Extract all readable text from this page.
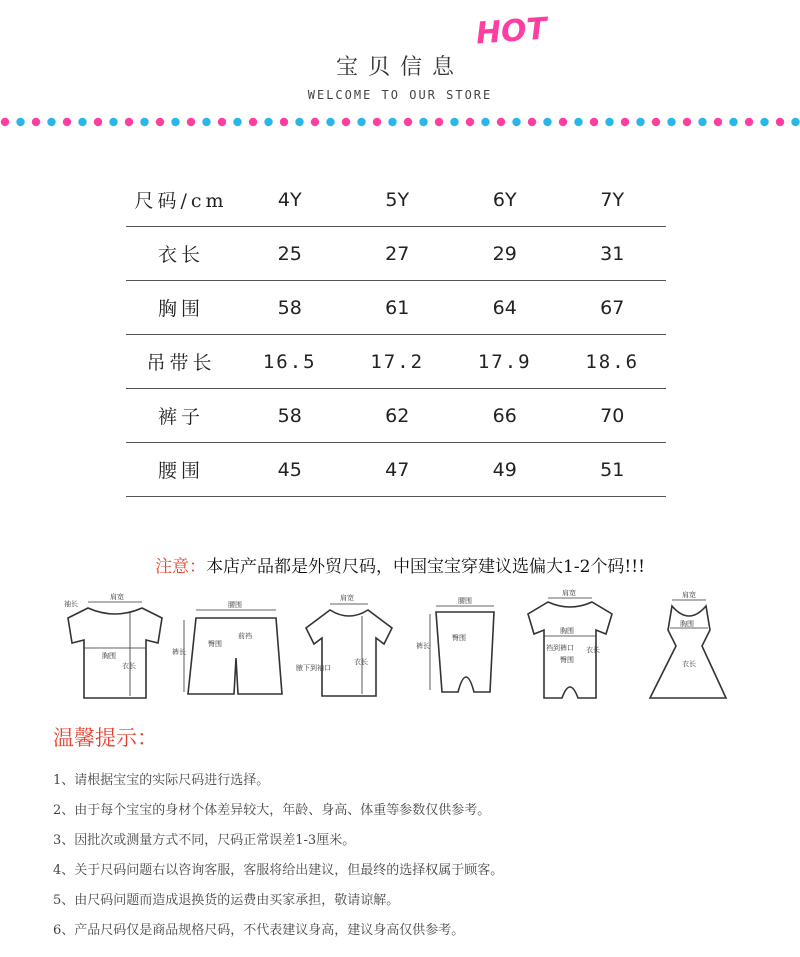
宝贝信息
HOT
WELCOME TO OUR STORE
尺码/cm	4Y	5Y	6Y	7Y
衣长	25	27	29	31
胸围	58	61	64	67
吊带长	16.5	17.2	17.9	18.6
裤子	58	62	66	70
腰围	45	47	49	51
注意：本店产品都是外贸尺码，中国宝宝穿建议选偏大1-2个码!!!
肩宽
胸围
衣长
袖长	腰围
臀围
裤长
前裆
肩宽
衣长
腋下到袖口
腰围
臀围
裤长
肩宽
胸围
衣长
臀围
裆到裤口
肩宽
胸围
衣长
温馨提示：
1、请根据宝宝的实际尺码进行选择。
2、由于每个宝宝的身材个体差异较大，年龄、身高、体重等参数仅供参考。
3、因批次或测量方式不同，尺码正常误差1-3厘米。
4、关于尺码问题右以咨询客服，客服将给出建议，但最终的选择权属于顾客。
5、由尺码问题而造成退换货的运费由买家承担，敬请谅解。
6、产品尺码仅是商品规格尺码，不代表建议身高，建议身高仅供参考。
